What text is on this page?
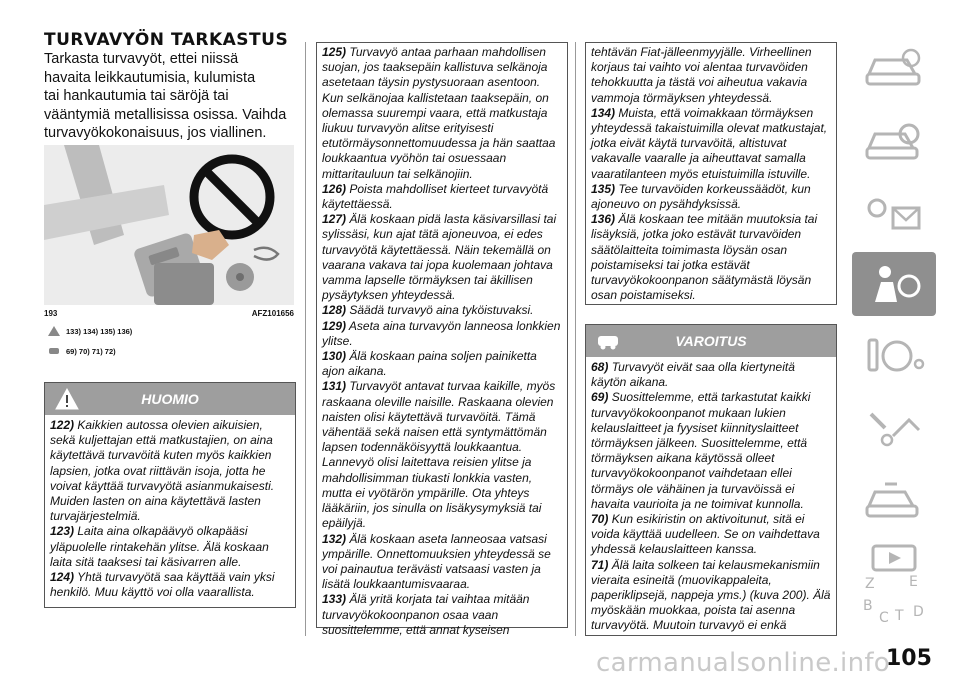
TURVAVYÖN TARKASTUS
Tarkasta turvavyöt, ettei niissä
havaita leikkautumisia, kulumista
tai hankautumia tai säröjä tai
vääntymiä metallisissa osissa. Vaihda
turvavyökokonaisuus, jos viallinen.
193	AFZ101656
133) 134) 135) 136)
69) 70) 71) 72)
HUOMIO

122) Kaikkien autossa olevien aikuisien, sekä kuljettajan että matkustajien, on aina käytettävä turvavöitä kuten myös kaikkien lapsien, jotka ovat riittävän isoja, jotta he voivat käyttää turvavyötä asianmukaisesti. Muiden lasten on aina käytettävä lasten turvajärjestelmiä.

123) Laita aina olkapäävyö olkapääsi yläpuolelle rintakehän ylitse. Älä koskaan laita sitä taaksesi tai käsivarren alle.

124) Yhtä turvavyötä saa käyttää vain yksi henkilö. Muu käyttö voi olla vaarallista.

125) Turvavyö antaa parhaan mahdollisen suojan, jos taaksepäin kallistuva selkänoja asetetaan täysin pystysuoraan asentoon. Kun selkänojaa kallistetaan taaksepäin, on olemassa suurempi vaara, että matkustaja liukuu turvavyön alitse erityisesti etutörmäysonnettomuudessa ja hän saattaa loukkaantua vyöhön tai osuessaan mittaritauluun tai selkänojiin.

126) Poista mahdolliset kierteet turvavyötä käytettäessä.

127) Älä koskaan pidä lasta käsivarsillasi tai sylissäsi, kun ajat tätä ajoneuvoa, ei edes turvavyötä käytettäessä. Näin tekemällä on vaarana vakava tai jopa kuolemaan johtava vamma lapselle törmäyksen tai äkillisen pysäytyksen yhteydessä.

128) Säädä turvavyö aina tyköistuvaksi.

129) Aseta aina turvavyön lanneosa lonkkien ylitse.

130) Älä koskaan paina soljen painiketta ajon aikana.

131) Turvavyöt antavat turvaa kaikille, myös raskaana oleville naisille. Raskaana olevien naisten olisi käytettävä turvavöitä. Tämä vähentää sekä naisen että syntymättömän lapsen todennäköisyyttä loukkaantua. Lannevyö olisi laitettava reisien ylitse ja mahdollisimman tiukasti lonkkia vasten, mutta ei vyötärön ympärille. Ota yhteys lääkäriin, jos sinulla on lisäkysymyksiä tai epäilyjä.

132) Älä koskaan aseta lanneosaa vatsasi ympärille. Onnettomuuksien yhteydessä se voi painautua terävästi vatsaasi vasten ja lisätä loukkaantumisvaaraa.

133) Älä yritä korjata tai vaihtaa mitään turvavyökokoonpanon osaa vaan suosittelemme, että annat kyseisen

tehtävän Fiat-jälleenmyyjälle. Virheellinen korjaus tai vaihto voi alentaa turvavöiden tehokkuutta ja tästä voi aiheutua vakavia vammoja törmäyksen yhteydessä.

134) Muista, että voimakkaan törmäyksen yhteydessä takaistuimilla olevat matkustajat, jotka eivät käytä turvavöitä, altistuvat vakavalle vaaralle ja aiheuttavat samalla vaaratilanteen myös etuistuimilla istuville.

135) Tee turvavöiden korkeussäädöt, kun ajoneuvo on pysähdyksissä.

136) Älä koskaan tee mitään muutoksia tai lisäyksiä, jotka joko estävät turvavöiden säätölaitteita toimimasta löysän osan poistamiseksi tai jotka estävät turvavyökokoonpanon säätymästä löysän osan poistamiseksi.

VAROITUS

68) Turvavyöt eivät saa olla kiertyneitä käytön aikana.

69) Suosittelemme, että tarkastutat kaikki turvavyökokoonpanot mukaan lukien kelauslaitteet ja fyysiset kiinnityslaitteet törmäyksen jälkeen. Suosittelemme, että törmäyksen aikana käytössä olleet turvavyökokoonpanot vaihdetaan ellei törmäys ole vähäinen ja turvavöissä ei havaita vaurioita ja ne toimivat kunnolla.

70) Kun esikiristin on aktivoitunut, sitä ei voida käyttää uudelleen. Se on vaihdettava yhdessä kelauslaitteen kanssa.

71) Älä laita solkeen tai kelausmekanismiin vieraita esineitä (muovikappaleita, paperiklipsejä, nappeja yms.) (kuva 200). Älä myöskään muokkaa, poista tai asenna turvavyötä. Muutoin turvavyö ei enkä

Z E
B
C T D
carmanualsonline.info
105
